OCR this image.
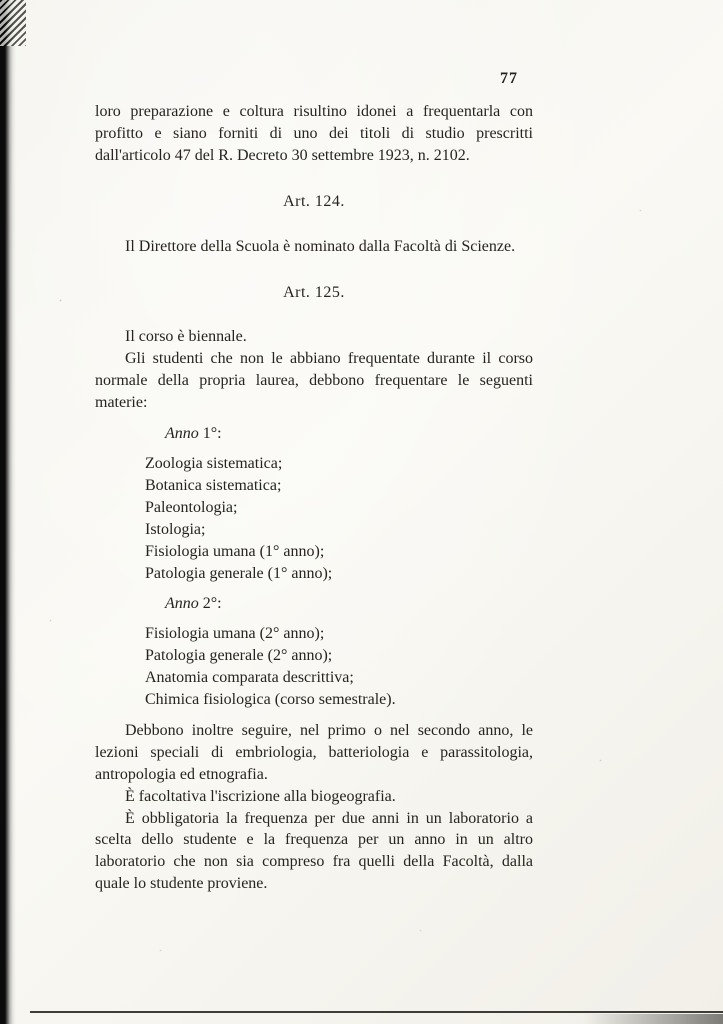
77

loro preparazione e coltura risultino idonei a frequentarla con profitto e siano forniti di uno dei titoli di studio prescritti dall'articolo 47 del R. Decreto 30 settembre 1923, n. 2102.

Art. 124.

Il Direttore della Scuola è nominato dalla Facoltà di Scienze.

Art. 125.

Il corso è biennale.

Gli studenti che non le abbiano frequentate durante il corso normale della propria laurea, debbono frequentare le seguenti materie:

Anno 1°:

Zoologia sistematica;
Botanica sistematica;
Paleontologia;
Istologia;
Fisiologia umana (1° anno);
Patologia generale (1° anno);

Anno 2°:

Fisiologia umana (2° anno);
Patologia generale (2° anno);
Anatomia comparata descrittiva;
Chimica fisiologica (corso semestrale).

Debbono inoltre seguire, nel primo o nel secondo anno, le lezioni speciali di embriologia, batteriologia e parassitologia, antropologia ed etnografia.

È facoltativa l'iscrizione alla biogeografia.

È obbligatoria la frequenza per due anni in un laboratorio a scelta dello studente e la frequenza per un anno in un altro laboratorio che non sia compreso fra quelli della Facoltà, dalla quale lo studente proviene.
